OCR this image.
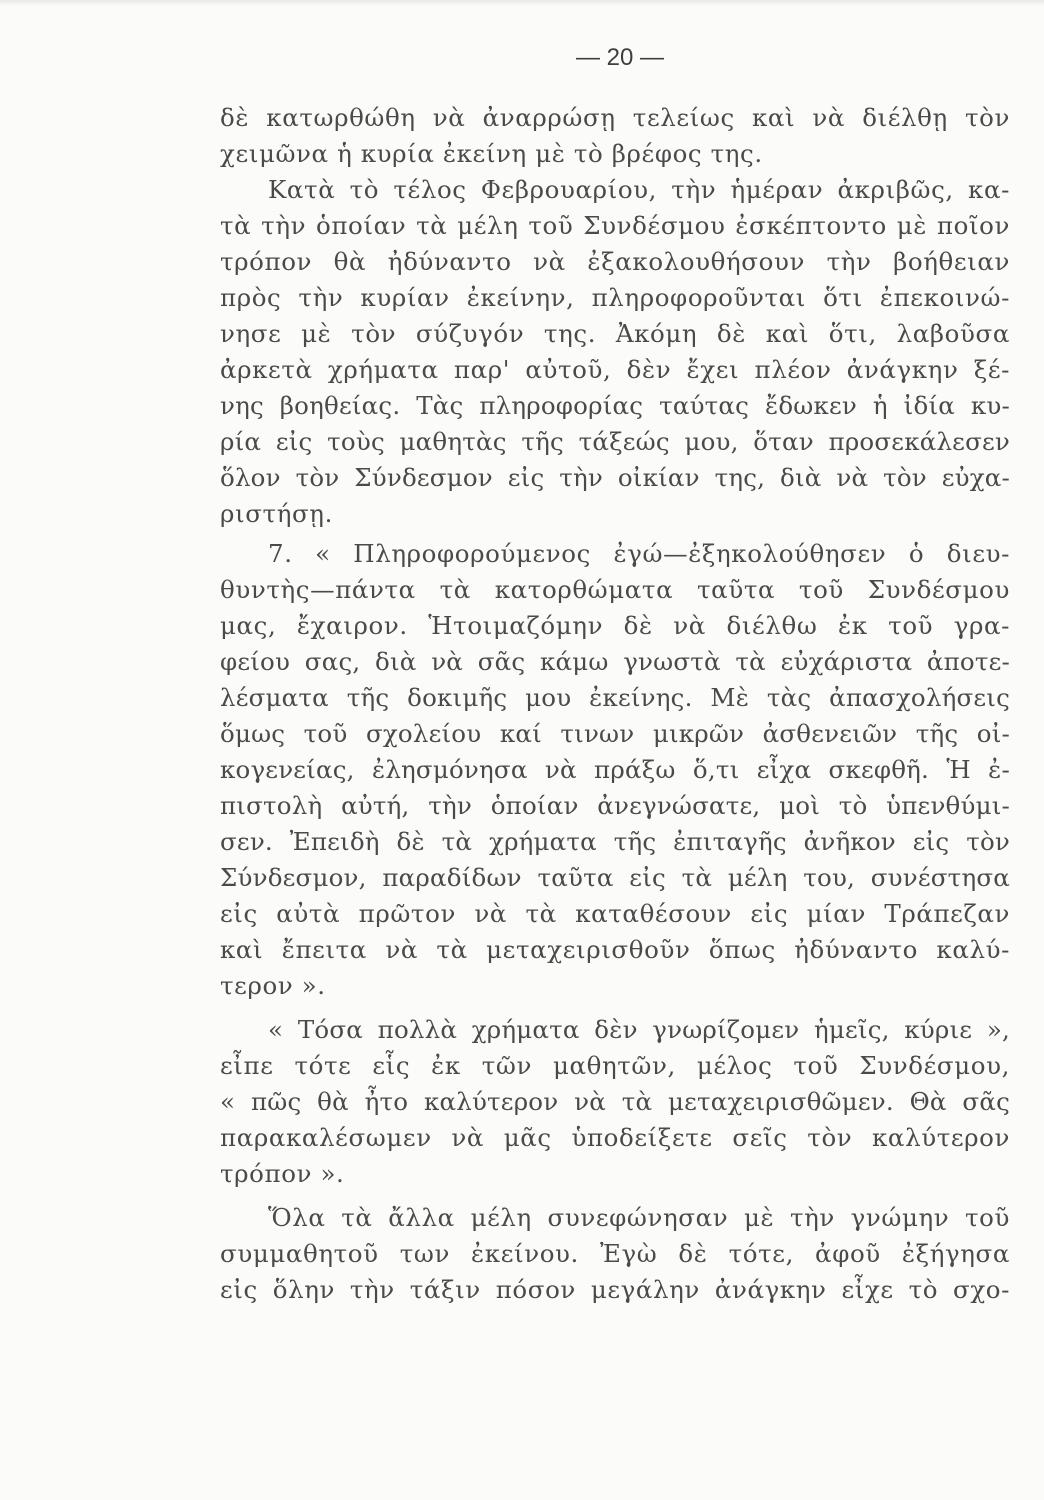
— 20 —
δὲ κατωρθώθη νὰ ἀναρρώσῃ τελείως καὶ νὰ διέλθῃ τὸν
χειμῶνα ἡ κυρία ἐκείνη μὲ τὸ βρέφος της.
Κατὰ τὸ τέλος Φεβρουαρίου, τὴν ἡμέραν ἀκριβῶς, κα-
τὰ τὴν ὁποίαν τὰ μέλη τοῦ Συνδέσμου ἐσκέπτοντο μὲ ποῖον
τρόπον θὰ ἠδύναντο νὰ ἐξακολουθήσουν τὴν βοήθειαν
πρὸς τὴν κυρίαν ἐκείνην, πληροφοροῦνται ὅτι ἐπεκοινώ-
νησε μὲ τὸν σύζυγόν της. Ἀκόμη δὲ καὶ ὅτι, λαβοῦσα
ἀρκετὰ χρήματα παρ' αὐτοῦ, δὲν ἔχει πλέον ἀνάγκην ξέ-
νης βοηθείας. Τὰς πληροφορίας ταύτας ἔδωκεν ἡ ἰδία κυ-
ρία εἰς τοὺς μαθητὰς τῆς τάξεώς μου, ὅταν προσεκάλεσεν
ὅλον τὸν Σύνδεσμον εἰς τὴν οἰκίαν της, διὰ νὰ τὸν εὐχα-
ριστήσῃ.
7. « Πληροφορούμενος ἐγώ—ἐξηκολούθησεν ὁ διευ-
θυντὴς—πάντα τὰ κατορθώματα ταῦτα τοῦ Συνδέσμου
μας, ἔχαιρον. Ἡτοιμαζόμην δὲ νὰ διέλθω ἐκ τοῦ γρα-
φείου σας, διὰ νὰ σᾶς κάμω γνωστὰ τὰ εὐχάριστα ἀποτε-
λέσματα τῆς δοκιμῆς μου ἐκείνης. Μὲ τὰς ἀπασχολήσεις
ὅμως τοῦ σχολείου καί τινων μικρῶν ἀσθενειῶν τῆς οἰ-
κογενείας, ἐλησμόνησα νὰ πράξω ὅ,τι εἶχα σκεφθῆ. Ἡ ἐ-
πιστολὴ αὐτή, τὴν ὁποίαν ἀνεγνώσατε, μοὶ τὸ ὑπενθύμι-
σεν. Ἐπειδὴ δὲ τὰ χρήματα τῆς ἐπιταγῆς ἀνῆκον εἰς τὸν
Σύνδεσμον, παραδίδων ταῦτα εἰς τὰ μέλη του, συνέστησα
εἰς αὐτὰ πρῶτον νὰ τὰ καταθέσουν εἰς μίαν Τράπεζαν
καὶ ἔπειτα νὰ τὰ μεταχειρισθοῦν ὅπως ἠδύναντο καλύ-
τερον ».
« Τόσα πολλὰ χρήματα δὲν γνωρίζομεν ἡμεῖς, κύριε »,
εἶπε τότε εἷς ἐκ τῶν μαθητῶν, μέλος τοῦ Συνδέσμου,
« πῶς θὰ ἦτο καλύτερον νὰ τὰ μεταχειρισθῶμεν. Θὰ σᾶς
παρακαλέσωμεν νὰ μᾶς ὑποδείξετε σεῖς τὸν καλύτερον
τρόπον ».
Ὅλα τὰ ἄλλα μέλη συνεφώνησαν μὲ τὴν γνώμην τοῦ
συμμαθητοῦ των ἐκείνου. Ἐγὼ δὲ τότε, ἀφοῦ ἐξήγησα
εἰς ὅλην τὴν τάξιν πόσον μεγάλην ἀνάγκην εἶχε τὸ σχο-
